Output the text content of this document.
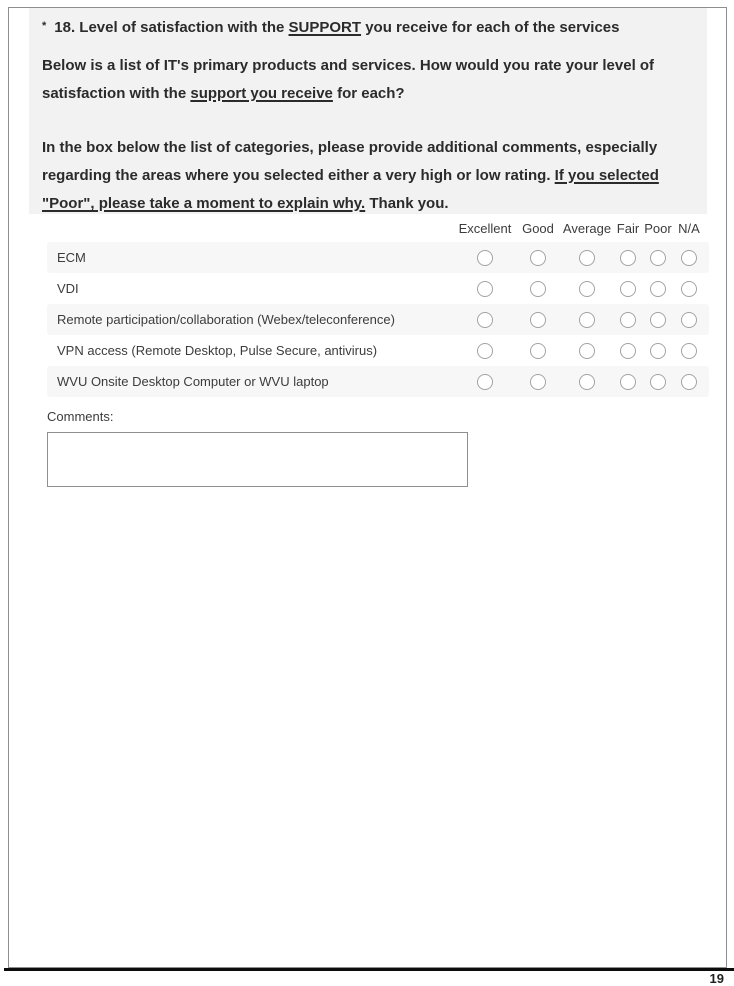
* 18. Level of satisfaction with the SUPPORT you receive for each of the services
Below is a list of IT's primary products and services. How would you rate your level of
satisfaction with the support you receive for each?
In the box below the list of categories, please provide additional comments, especially
regarding the areas where you selected either a very high or low rating. If you selected
"Poor", please take a moment to explain why. Thank you.
Excellent Good Average Fair Poor N/A
ECM
VDI
Remote participation/collaboration (Webex/teleconference)
VPN access (Remote Desktop, Pulse Secure, antivirus)
WVU Onsite Desktop Computer or WVU laptop
Comments:
19
